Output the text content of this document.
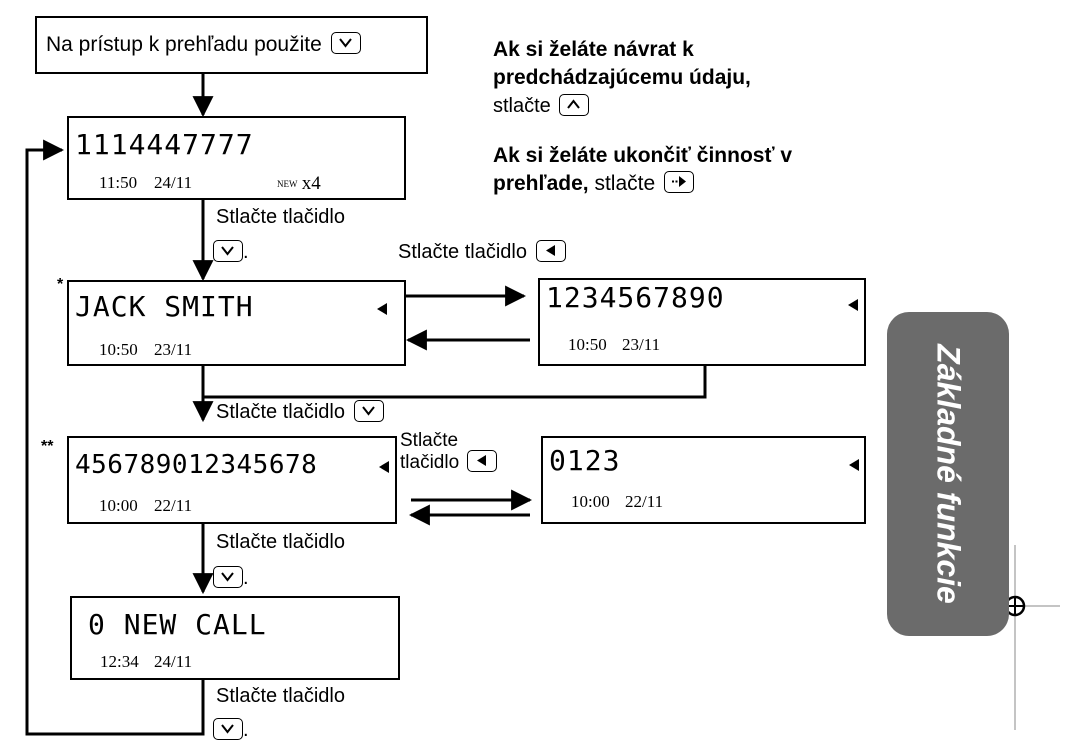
Na prístup k prehľadu použite	Ak si želáte návrat k predchádzajúcemu údaju,
stlačte
Ak si želáte ukončiť činnosť v prehľade, stlačte
1114447777
11:50 24/11	NEW x4
Stlačte tlačidlo
.	Stlačte tlačidlo
*
JACK SMITH
10:50 23/11
1234567890
10:50 23/11
Stlačte tlačidlo
**
456789012345678
10:00 22/11
Stlačte
tlačidlo	0123
10:00 22/11
Stlačte tlačidlo
.
0 NEW CALL
12:34 24/11
Stlačte tlačidlo
.
Základné funkcie
